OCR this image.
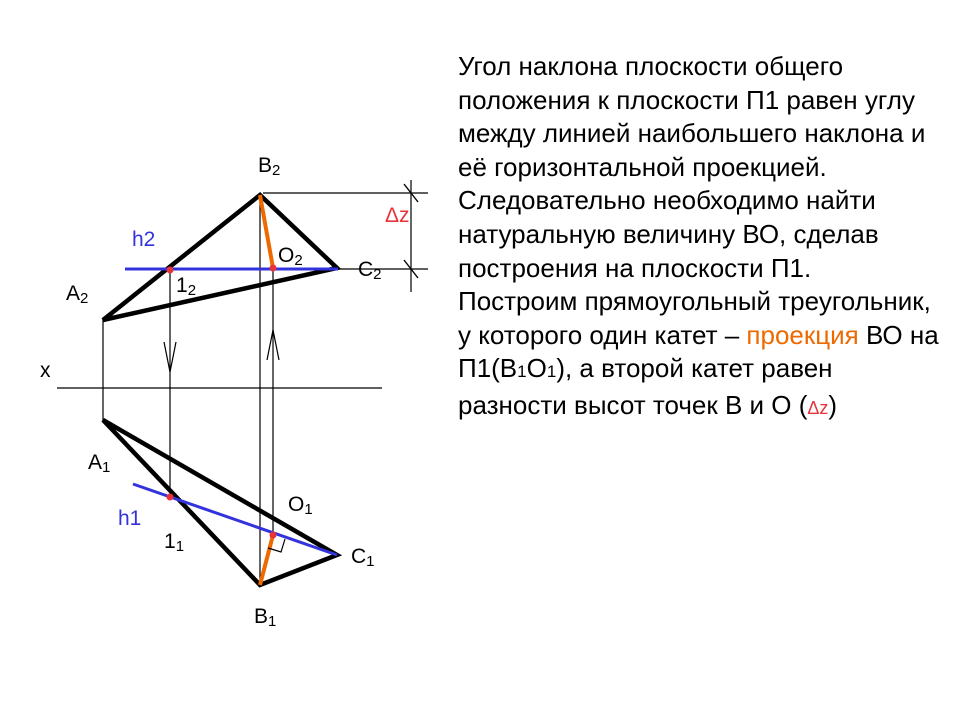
B2
h2
O2	C2
12
A2
Δz
x
A1
O1
h1
11	C1
B1

Угол наклона плоскости общего положения к плоскости П1 равен углу между линией наибольшего наклона и её горизонтальной проекцией. Следовательно необходимо найти натуральную величину ВО, сделав построения на плоскости П1.

Построим прямоугольный треугольник, у которого один катет – проекция ВО на П1(В1О1), а второй катет равен разности высот точек В и О (Δz)
